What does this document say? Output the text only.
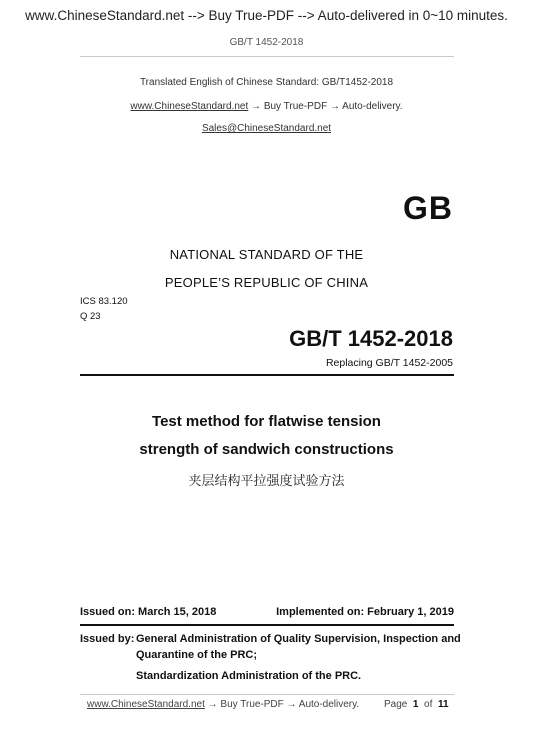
www.ChineseStandard.net --> Buy True-PDF --> Auto-delivered in 0~10 minutes.
GB/T 1452-2018
Translated English of Chinese Standard: GB/T1452-2018
www.ChineseStandard.net → Buy True-PDF → Auto-delivery.
Sales@ChineseStandard.net
GB
NATIONAL STANDARD OF THE
PEOPLE’S REPUBLIC OF CHINA
ICS 83.120
Q 23
GB/T 1452-2018
Replacing GB/T 1452-2005
Test method for flatwise tension
strength of sandwich constructions
夹层结构平拉强度试验方法
Issued on: March 15, 2018	Implemented on: February 1, 2019
Issued by: General Administration of Quality Supervision, Inspection and
Quarantine of the PRC;
Standardization Administration of the PRC.
www.ChineseStandard.net → Buy True-PDF → Auto-delivery. Page 1 of 11
